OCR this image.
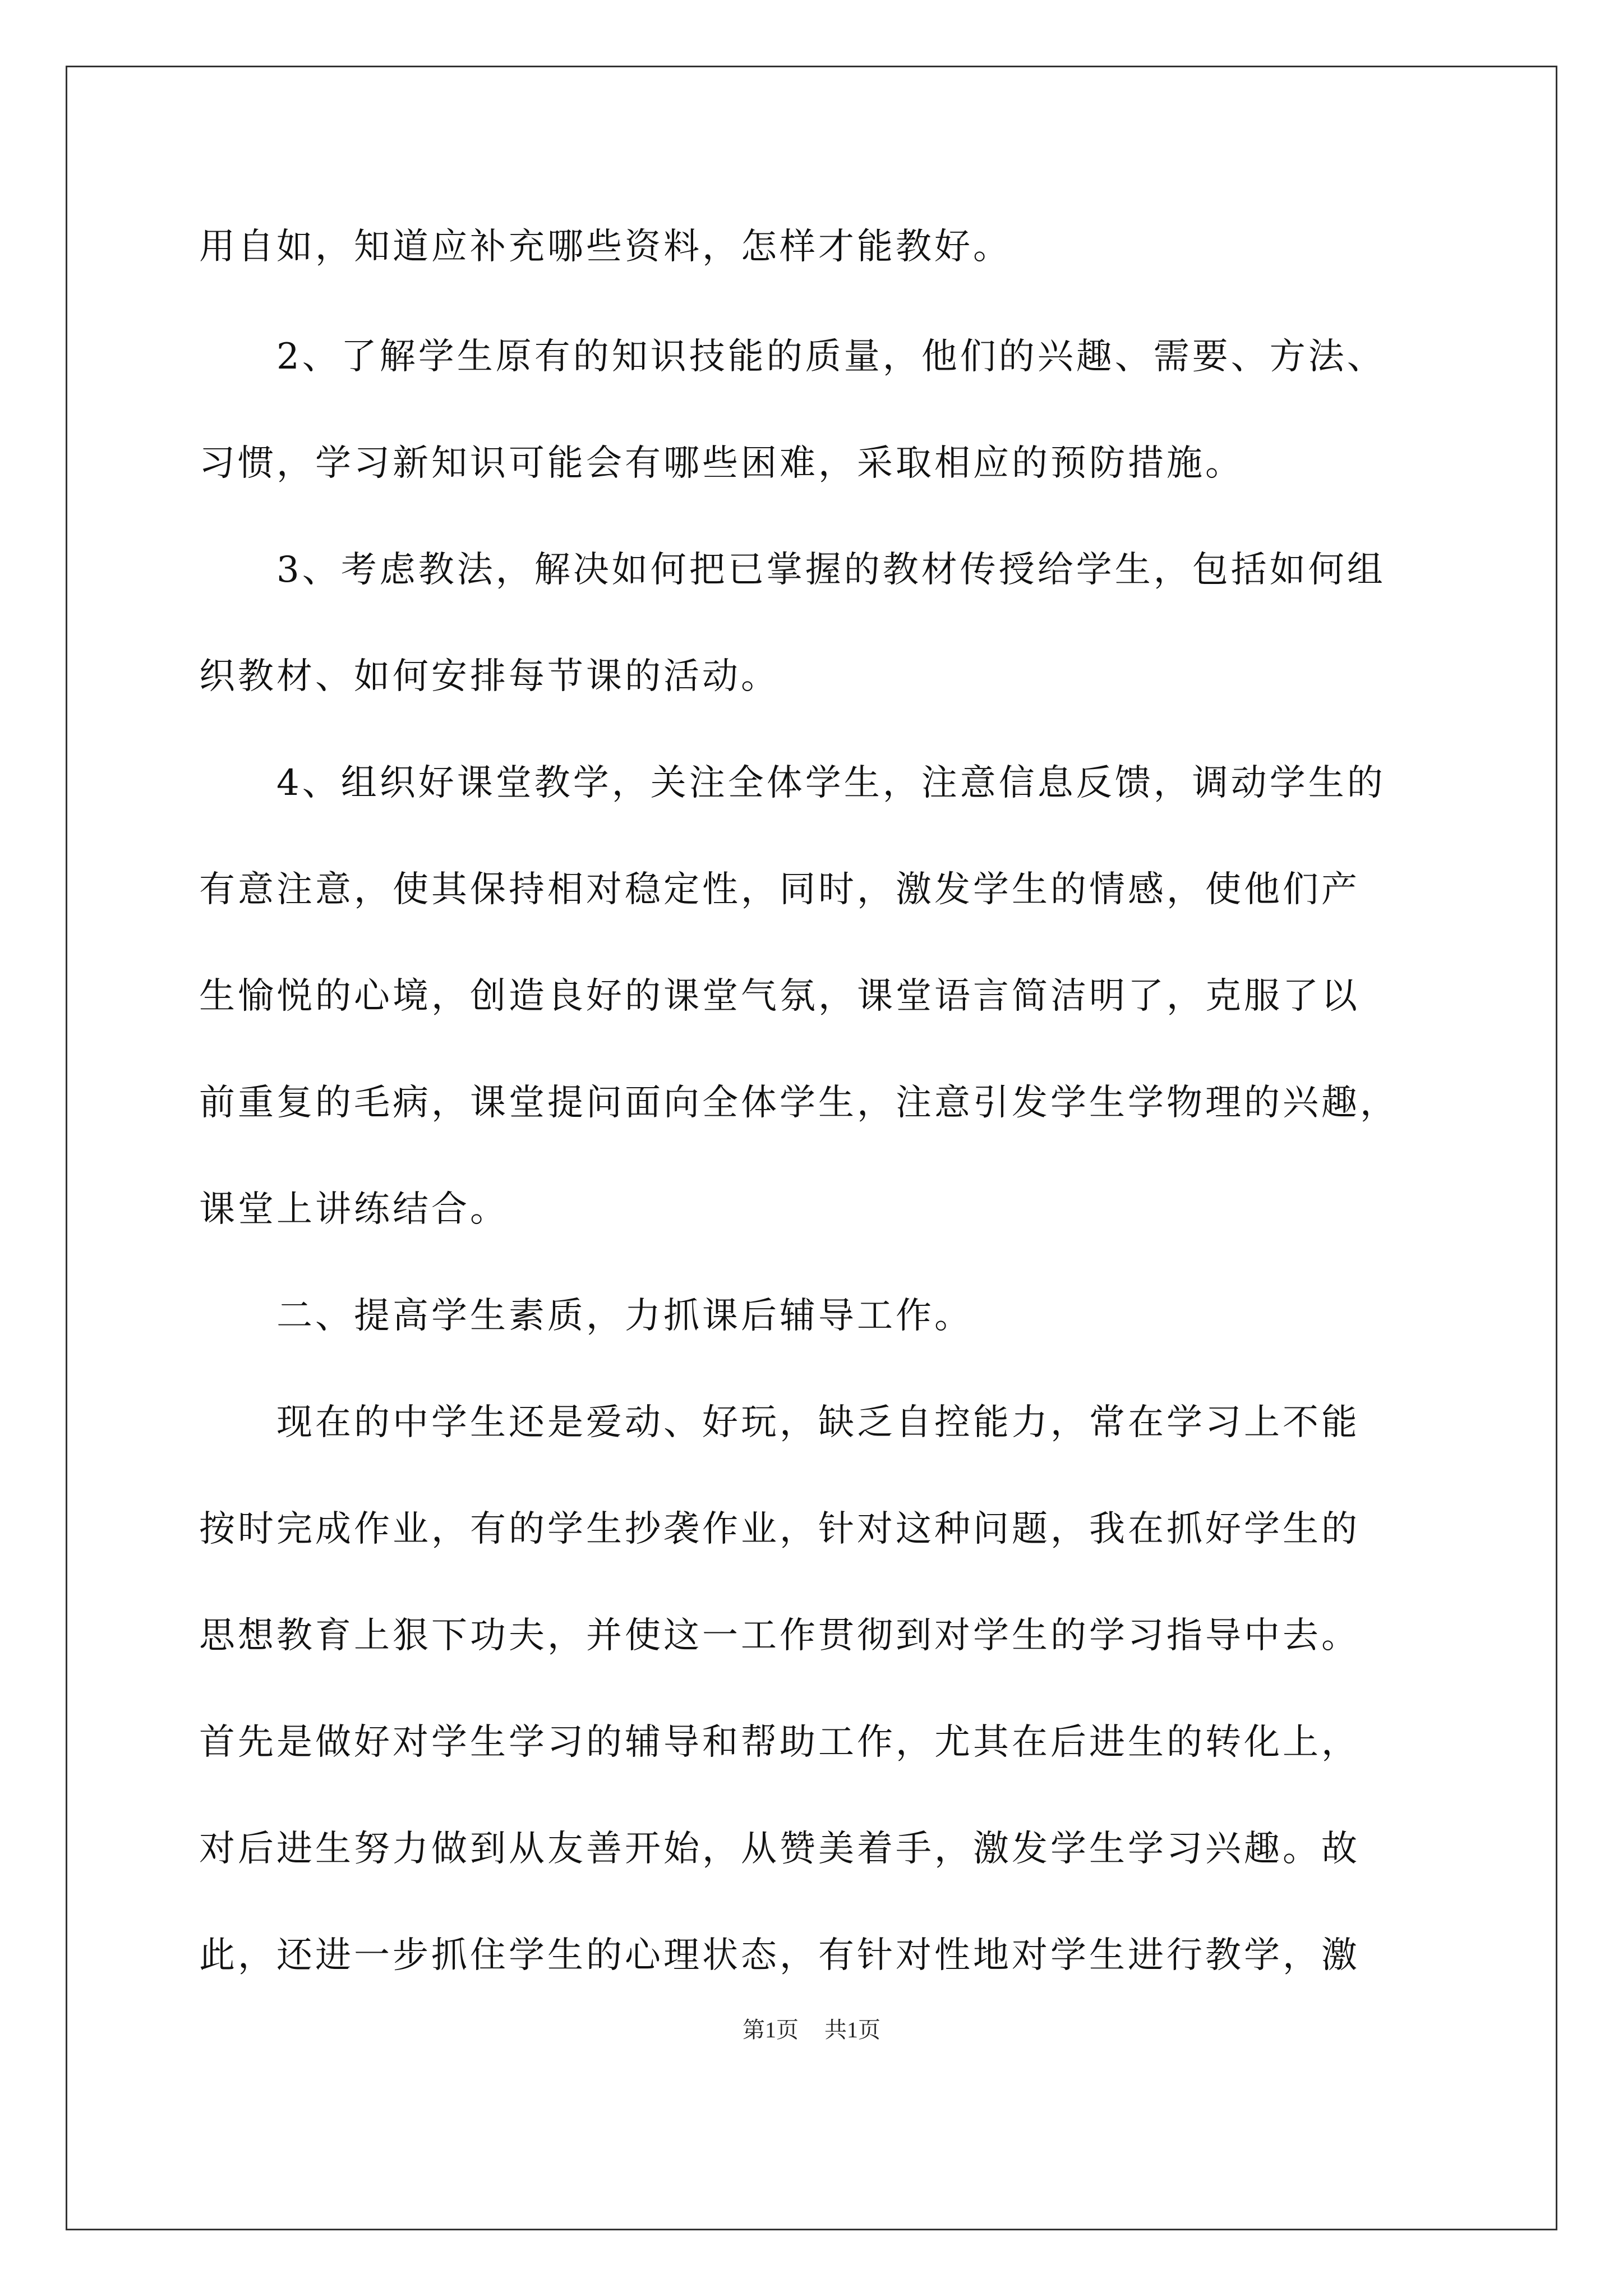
用自如，知道应补充哪些资料，怎样才能教好。

　　2、了解学生原有的知识技能的质量，他们的兴趣、需要、方法、

习惯，学习新知识可能会有哪些困难，采取相应的预防措施。

　　3、考虑教法，解决如何把已掌握的教材传授给学生，包括如何组

织教材、如何安排每节课的活动。

　　4、组织好课堂教学，关注全体学生，注意信息反馈，调动学生的

有意注意，使其保持相对稳定性，同时，激发学生的情感，使他们产

生愉悦的心境，创造良好的课堂气氛，课堂语言简洁明了，克服了以

前重复的毛病，课堂提问面向全体学生，注意引发学生学物理的兴趣，

课堂上讲练结合。

　　二、提高学生素质，力抓课后辅导工作。

　　现在的中学生还是爱动、好玩，缺乏自控能力，常在学习上不能

按时完成作业，有的学生抄袭作业，针对这种问题，我在抓好学生的

思想教育上狠下功夫，并使这一工作贯彻到对学生的学习指导中去。

首先是做好对学生学习的辅导和帮助工作，尤其在后进生的转化上，

对后进生努力做到从友善开始，从赞美着手，激发学生学习兴趣。故

此，还进一步抓住学生的心理状态，有针对性地对学生进行教学，激

第1页 共1页
